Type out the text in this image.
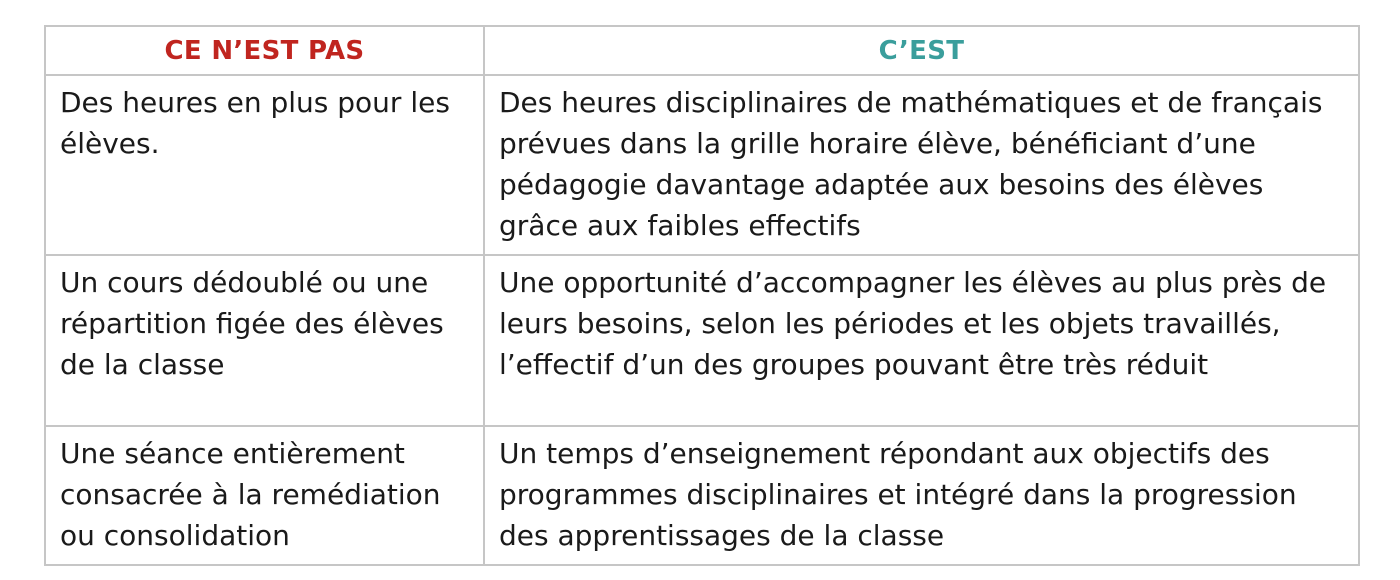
CE N’EST PAS	C’EST
Des heures en plus pour les élèves.	Des heures disciplinaires de mathématiques et de français prévues dans la grille horaire élève, bénéficiant d’une pédagogie davantage adaptée aux besoins des élèves grâce aux faibles effectifs
Un cours dédoublé ou une répartition figée des élèves de la classe	Une opportunité d’accompagner les élèves au plus près de leurs besoins, selon les périodes et les objets travaillés, l’effectif d’un des groupes pouvant être très réduit
Une séance entièrement consacrée à la remédiation ou consolidation	Un temps d’enseignement répondant aux objectifs des programmes disciplinaires et intégré dans la progression des apprentissages de la classe
